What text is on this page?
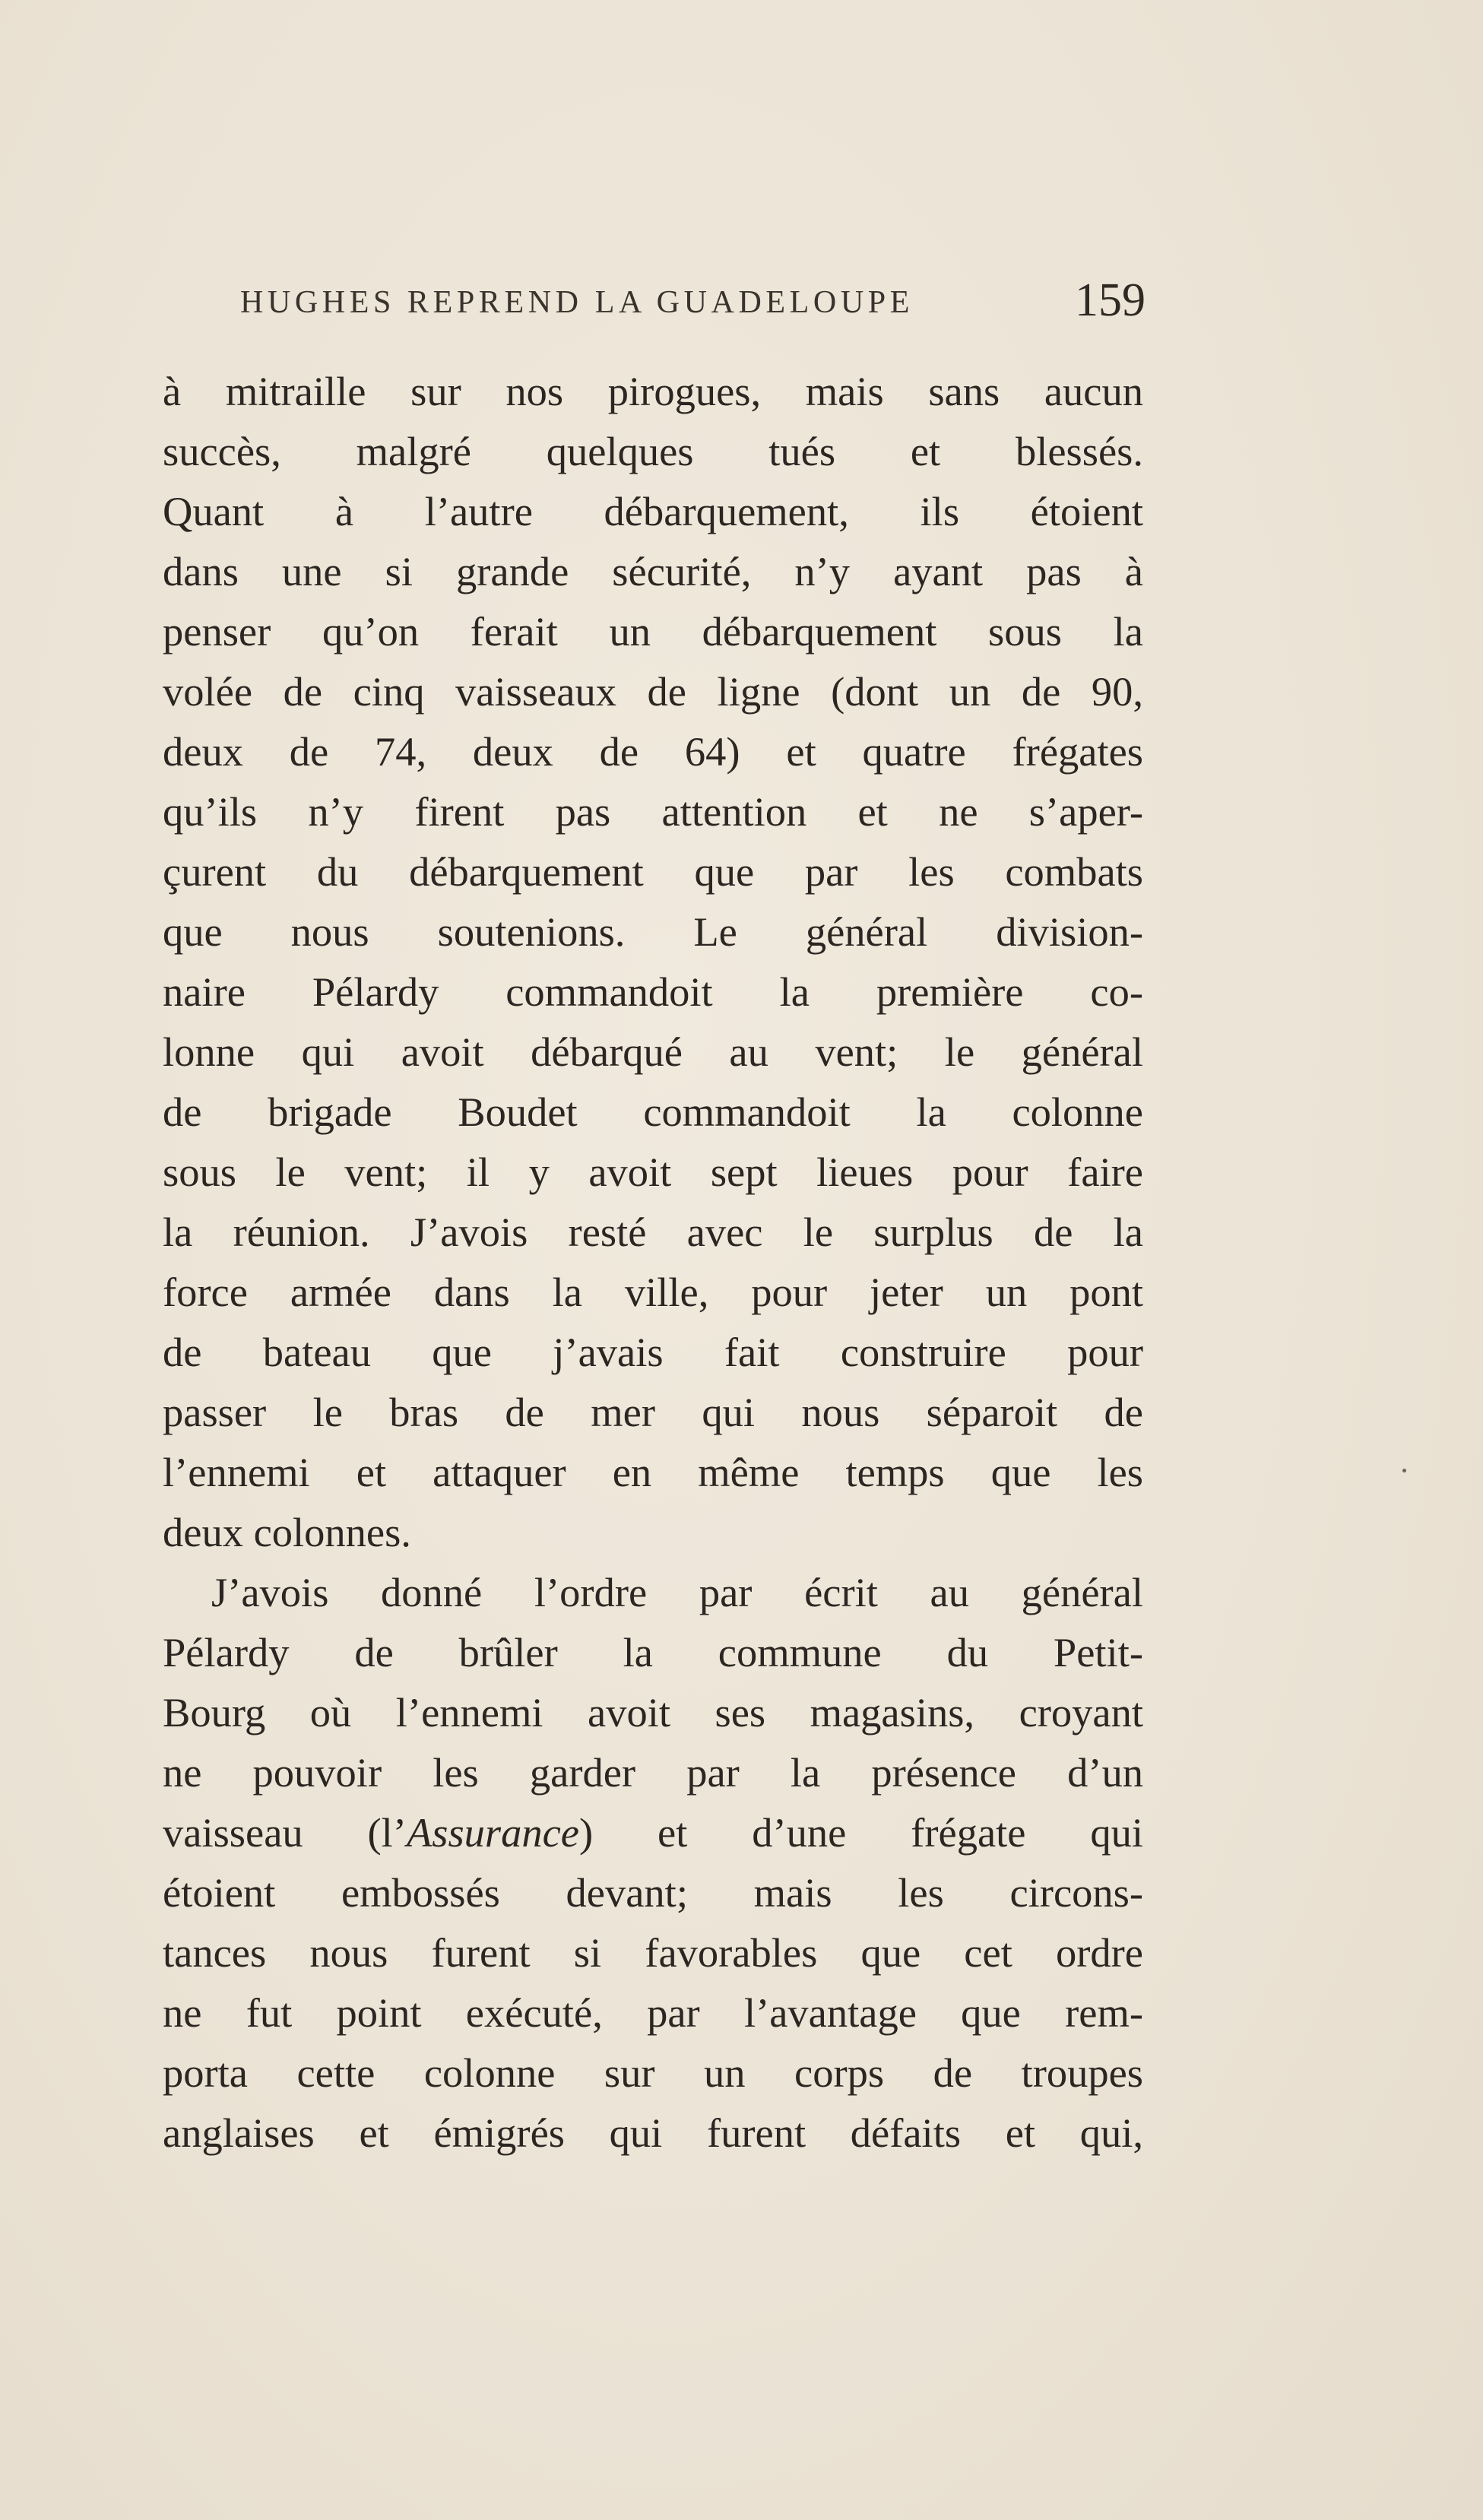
HUGHES REPREND LA GUADELOUPE	159
à mitraille sur nos pirogues, mais sans aucun
succès, malgré quelques tués et blessés.
Quant à l’autre débarquement, ils étoient
dans une si grande sécurité, n’y ayant pas à
penser qu’on ferait un débarquement sous la
volée de cinq vaisseaux de ligne (dont un de 90,
deux de 74, deux de 64) et quatre frégates
qu’ils n’y firent pas attention et ne s’aper-
çurent du débarquement que par les combats
que nous soutenions. Le général division-
naire Pélardy commandoit la première co-
lonne qui avoit débarqué au vent; le général
de brigade Boudet commandoit la colonne
sous le vent; il y avoit sept lieues pour faire
la réunion. J’avois resté avec le surplus de la
force armée dans la ville, pour jeter un pont
de bateau que j’avais fait construire pour
passer le bras de mer qui nous séparoit de
l’ennemi et attaquer en même temps que les
deux colonnes.
J’avois donné l’ordre par écrit au général
Pélardy de brûler la commune du Petit-
Bourg où l’ennemi avoit ses magasins, croyant
ne pouvoir les garder par la présence d’un
vaisseau (l’Assurance) et d’une frégate qui
étoient embossés devant; mais les circons-
tances nous furent si favorables que cet ordre
ne fut point exécuté, par l’avantage que rem-
porta cette colonne sur un corps de troupes
anglaises et émigrés qui furent défaits et qui,
